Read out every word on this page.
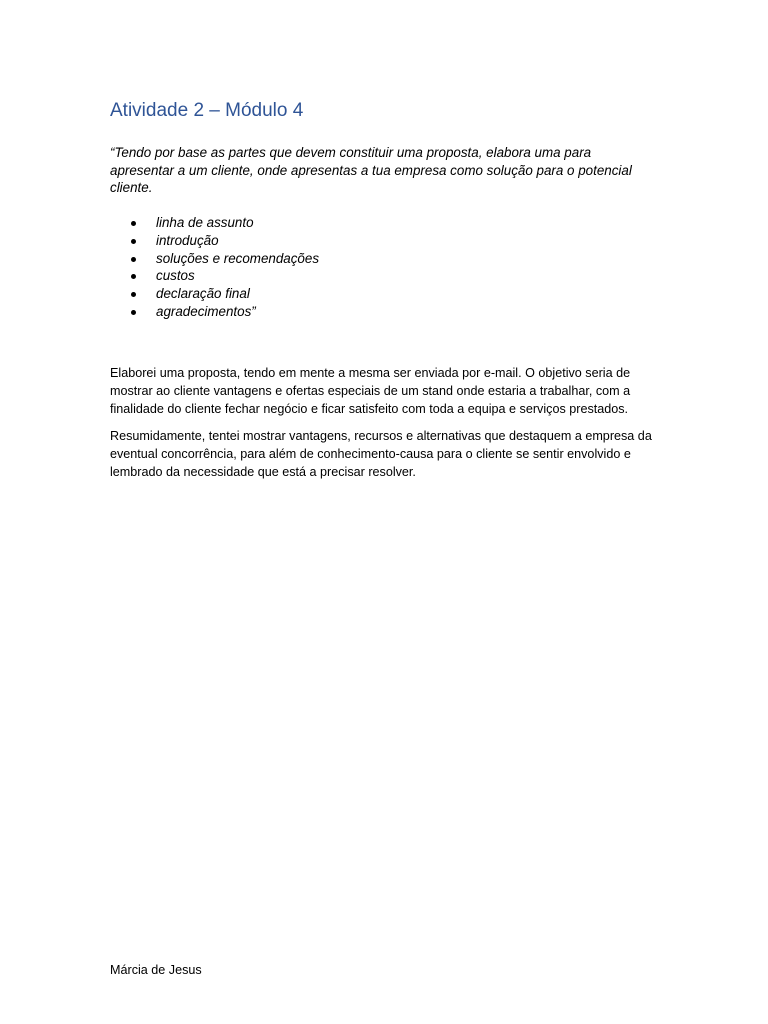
Atividade 2 – Módulo 4

“Tendo por base as partes que devem constituir uma proposta, elabora uma para apresentar a um cliente, onde apresentas a tua empresa como solução para o potencial cliente.

linha de assunto
introdução
soluções e recomendações
custos
declaração final
agradecimentos”

Elaborei uma proposta, tendo em mente a mesma ser enviada por e-mail. O objetivo seria de mostrar ao cliente vantagens e ofertas especiais de um stand onde estaria a trabalhar, com a finalidade do cliente fechar negócio e ficar satisfeito com toda a equipa e serviços prestados.

Resumidamente, tentei mostrar vantagens, recursos e alternativas que destaquem a empresa da eventual concorrência, para além de conhecimento-causa para o cliente se sentir envolvido e lembrado da necessidade que está a precisar resolver.

Márcia de Jesus
